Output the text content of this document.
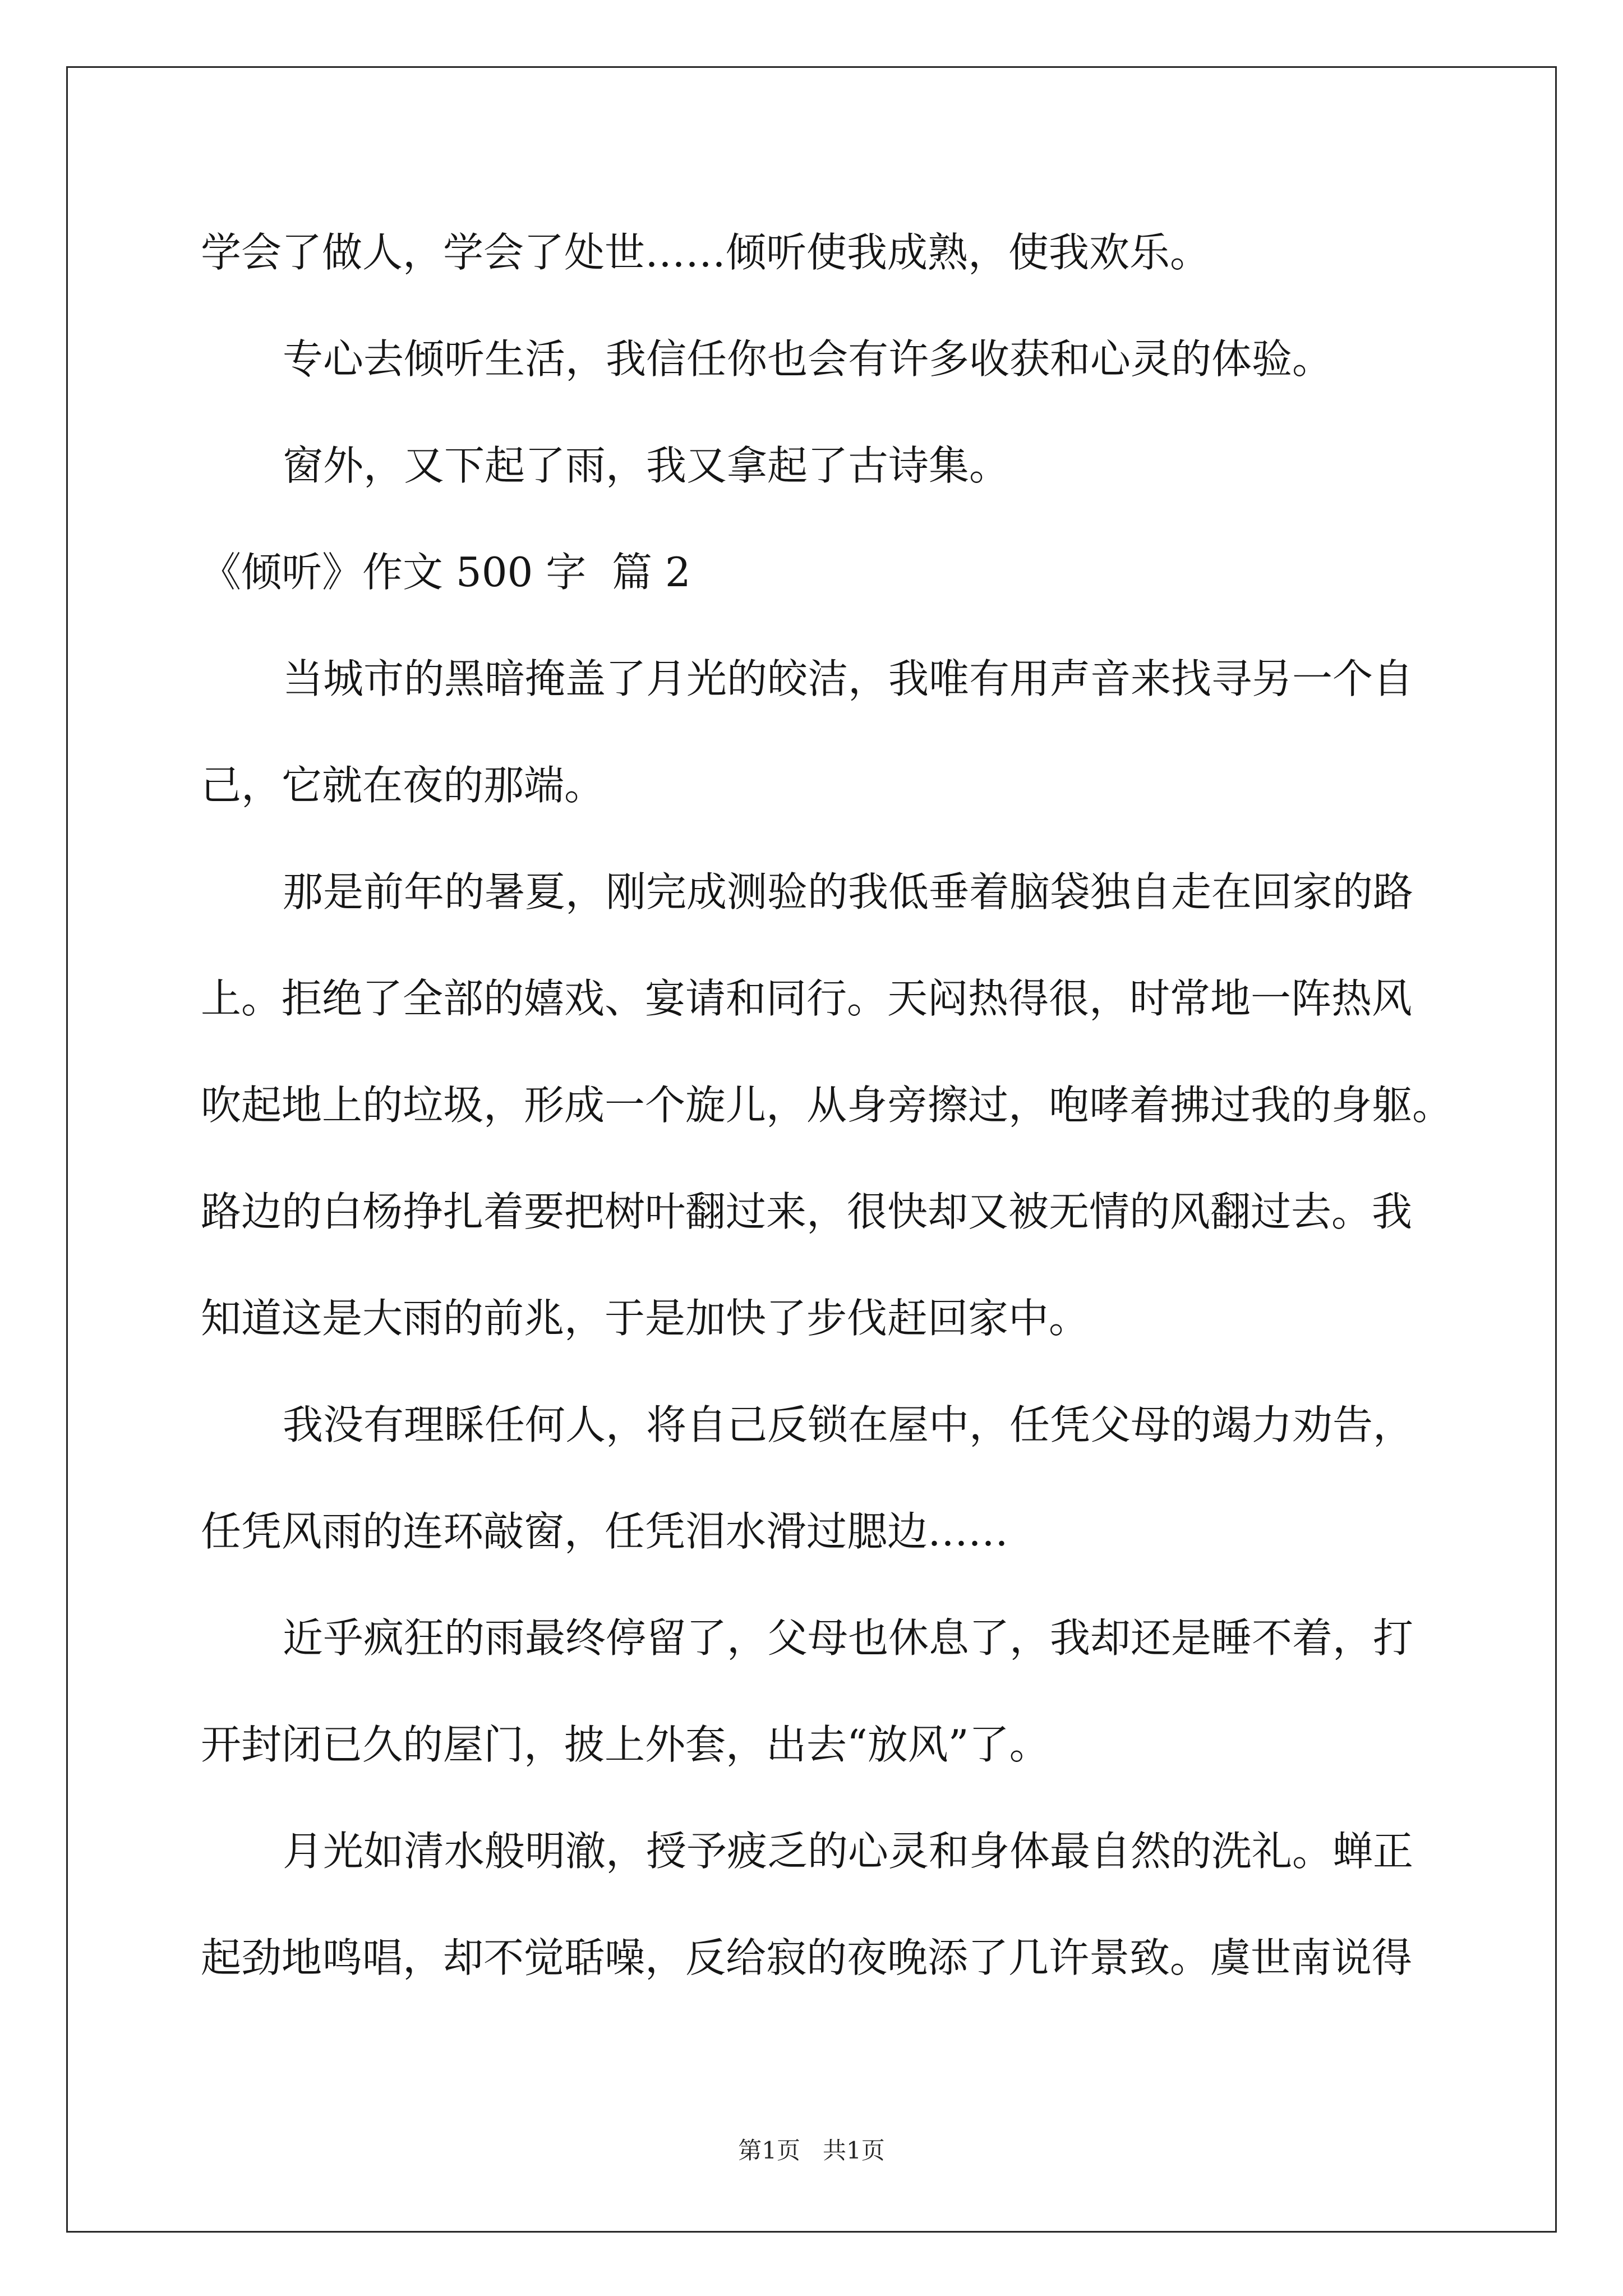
学会了做人，学会了处世……倾听使我成熟，使我欢乐。
专心去倾听生活，我信任你也会有许多收获和心灵的体验。
窗外，又下起了雨，我又拿起了古诗集。
《倾听》作文 500 字  篇 2
当城市的黑暗掩盖了月光的皎洁，我唯有用声音来找寻另一个自
己，它就在夜的那端。
那是前年的暑夏，刚完成测验的我低垂着脑袋独自走在回家的路
上。拒绝了全部的嬉戏、宴请和同行。天闷热得很，时常地一阵热风
吹起地上的垃圾，形成一个旋儿，从身旁擦过，咆哮着拂过我的身躯。
路边的白杨挣扎着要把树叶翻过来，很快却又被无情的风翻过去。我
知道这是大雨的前兆，于是加快了步伐赶回家中。
我没有理睬任何人，将自己反锁在屋中，任凭父母的竭力劝告，
任凭风雨的连环敲窗，任凭泪水滑过腮边……
近乎疯狂的雨最终停留了，父母也休息了，我却还是睡不着，打
开封闭已久的屋门，披上外套，出去“放风”了。
月光如清水般明澈，授予疲乏的心灵和身体最自然的洗礼。蝉正
起劲地鸣唱，却不觉聒噪，反给寂的夜晚添了几许景致。虞世南说得
第1页   共1页
